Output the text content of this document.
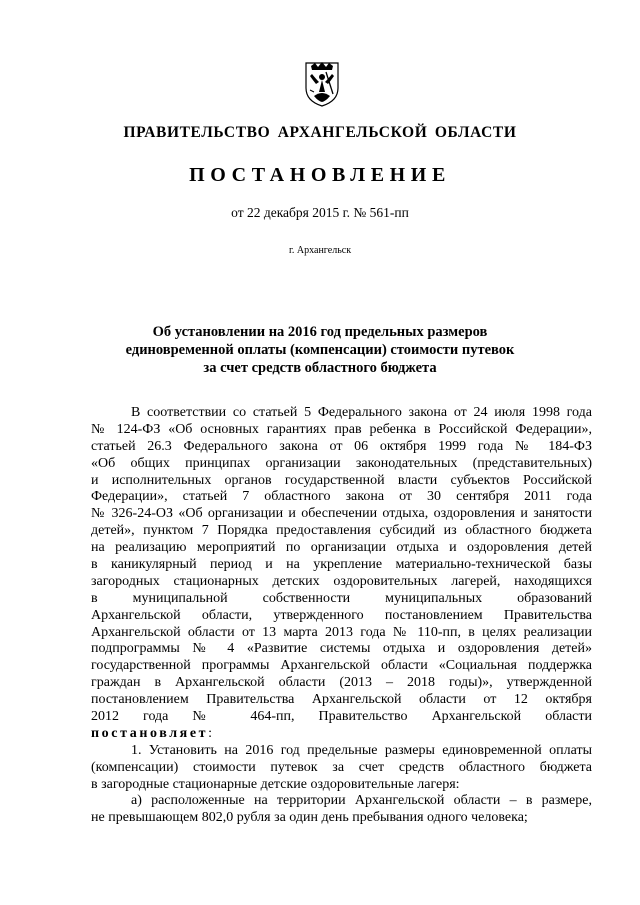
ПРАВИТЕЛЬСТВО АРХАНГЕЛЬСКОЙ ОБЛАСТИ
ПОСТАНОВЛЕНИЕ
от 22 декабря 2015 г. № 561-пп
г. Архангельск
Об установлении на 2016 год предельных размеров
единовременной оплаты (компенсации) стоимости путевок
за счет средств областного бюджета
В соответствии со статьей 5 Федерального закона от 24 июля 1998 года
№ 124-ФЗ «Об основных гарантиях прав ребенка в Российской Федерации»,
статьей 26.3 Федерального закона от 06 октября 1999 года № 184-ФЗ
«Об общих принципах организации законодательных (представительных)
и исполнительных органов государственной власти субъектов Российской
Федерации», статьей 7 областного закона от 30 сентября 2011 года
№ 326-24-ОЗ «Об организации и обеспечении отдыха, оздоровления и занятости
детей», пунктом 7 Порядка предоставления субсидий из областного бюджета
на реализацию мероприятий по организации отдыха и оздоровления детей
в каникулярный период и на укрепление материально-технической базы
загородных стационарных детских оздоровительных лагерей, находящихся
в муниципальной собственности муниципальных образований
Архангельской области, утвержденного постановлением Правительства
Архангельской области от 13 марта 2013 года № 110-пп, в целях реализации
подпрограммы № 4 «Развитие системы отдыха и оздоровления детей»
государственной программы Архангельской области «Социальная поддержка
граждан в Архангельской области (2013 – 2018 годы)», утвержденной
постановлением Правительства Архангельской области от 12 октября
2012 года № 464-пп, Правительство Архангельской области
постановляет:
1. Установить на 2016 год предельные размеры единовременной оплаты
(компенсации) стоимости путевок за счет средств областного бюджета
в загородные стационарные детские оздоровительные лагеря:
а) расположенные на территории Архангельской области – в размере,
не превышающем 802,0 рубля за один день пребывания одного человека;
